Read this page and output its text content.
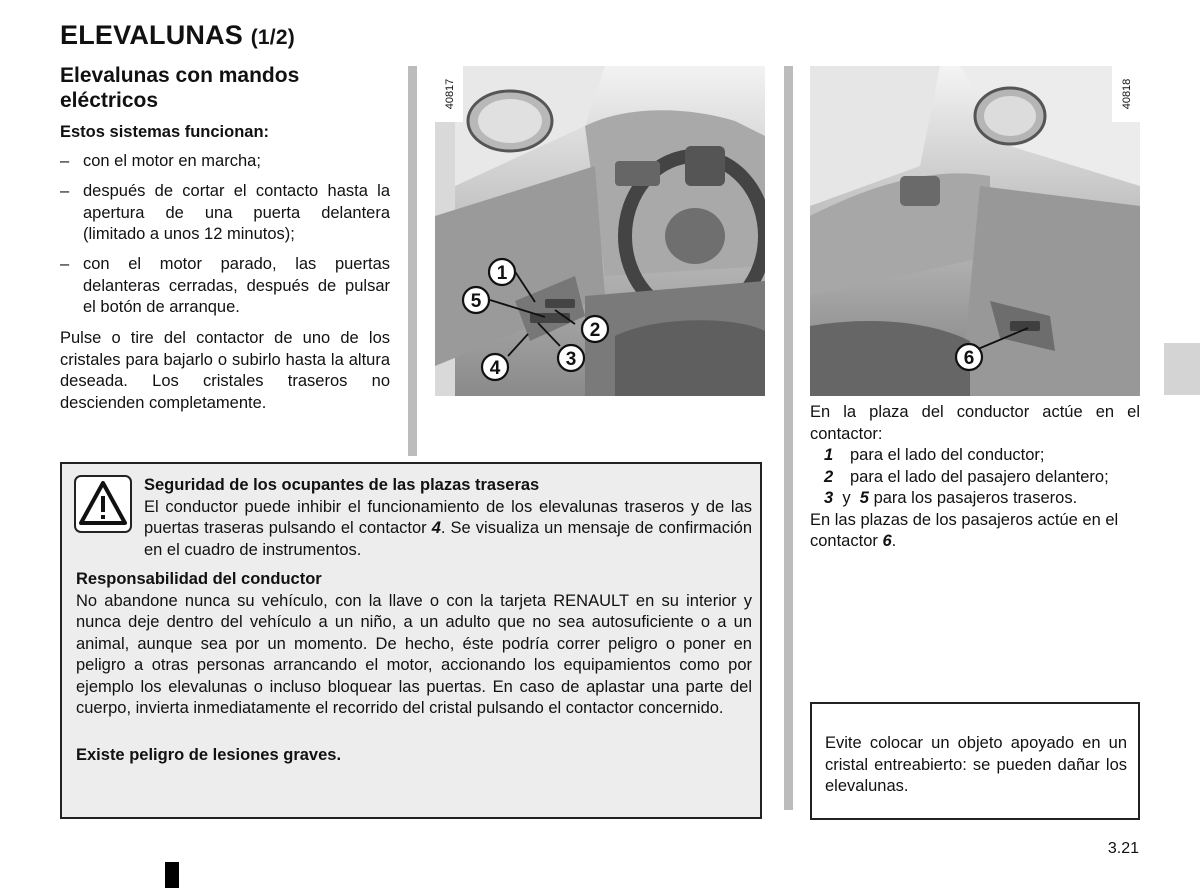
ELEVALUNAS (1/2)
Elevalunas con mandos eléctricos
Estos sistemas funcionan:
– con el motor en marcha;
– después de cortar el contacto hasta la apertura de una puerta delantera (limitado a unos 12 minutos);
– con el motor parado, las puertas delanteras cerradas, después de pulsar el botón de arranque.
Pulse o tire del contactor de uno de los cristales para bajarlo o subirlo hasta la altura deseada. Los cristales traseros no descienden completamente.
40817
1
2
3
4
5
40818
6
En la plaza del conductor actúe en el contactor:
1 para el lado del conductor;
2 para el lado del pasajero delantero;
3 y 5 para los pasajeros traseros.
En las plazas de los pasajeros actúe en el contactor 6.
Seguridad de los ocupantes de las plazas traseras
El conductor puede inhibir el funcionamiento de los elevalunas traseros y de las puertas traseras pulsando el contactor 4. Se visualiza un mensaje de confirmación en el cuadro de instrumentos.
Responsabilidad del conductor
No abandone nunca su vehículo, con la llave o con la tarjeta RENAULT en su interior y nunca deje dentro del vehículo a un niño, a un adulto que no sea autosuficiente o a un animal, aunque sea por un momento. De hecho, éste podría correr peligro o poner en peligro a otras personas arrancando el motor, accionando los equipamientos como por ejemplo los elevalunas o incluso bloquear las puertas. En caso de aplastar una parte del cuerpo, invierta inmediatamente el recorrido del cristal pulsando el contactor concernido.
Existe peligro de lesiones graves.
Evite colocar un objeto apoyado en un cristal entreabierto: se pueden dañar los elevalunas.
3.21
